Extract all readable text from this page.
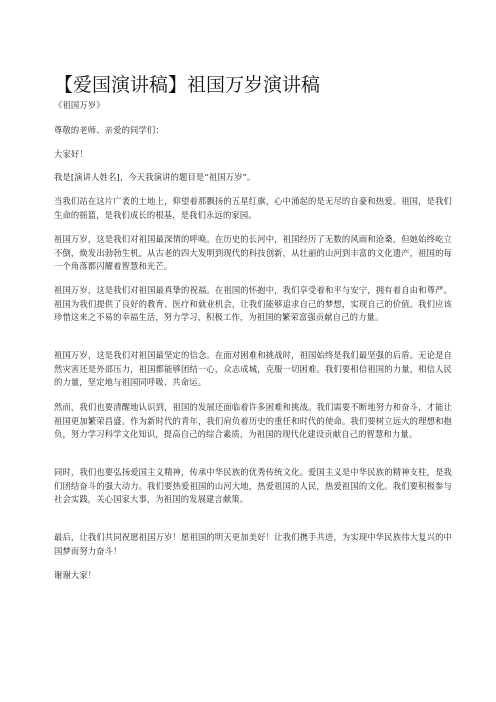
【爱国演讲稿】祖国万岁演讲稿

《祖国万岁》

尊敬的老师、亲爱的同学们：

大家好！

我是[演讲人姓名]，今天我演讲的题目是“祖国万岁”。

当我们站在这片广袤的土地上，仰望着那飘扬的五星红旗，心中涌起的是无尽的自豪和热爱。祖国，是我们生命的摇篮，是我们成长的根基，是我们永远的家园。

祖国万岁，这是我们对祖国最深情的呼唤。在历史的长河中，祖国经历了无数的风雨和沧桑，但她始终屹立不倒，焕发出勃勃生机。从古老的四大发明到现代的科技创新，从壮丽的山河到丰富的文化遗产，祖国的每一个角落都闪耀着智慧和光芒。

祖国万岁，这是我们对祖国最真挚的祝福。在祖国的怀抱中，我们享受着和平与安宁，拥有着自由和尊严。祖国为我们提供了良好的教育、医疗和就业机会，让我们能够追求自己的梦想，实现自己的价值。我们应该珍惜这来之不易的幸福生活，努力学习，积极工作，为祖国的繁荣富强贡献自己的力量。

祖国万岁，这是我们对祖国最坚定的信念。在面对困难和挑战时，祖国始终是我们最坚强的后盾。无论是自然灾害还是外部压力，祖国都能够团结一心，众志成城，克服一切困难。我们要相信祖国的力量，相信人民的力量，坚定地与祖国同呼吸、共命运。

然而，我们也要清醒地认识到，祖国的发展还面临着许多困难和挑战。我们需要不断地努力和奋斗，才能让祖国更加繁荣昌盛。作为新时代的青年，我们肩负着历史的重任和时代的使命。我们要树立远大的理想和抱负，努力学习科学文化知识，提高自己的综合素质，为祖国的现代化建设贡献自己的智慧和力量。

同时，我们也要弘扬爱国主义精神，传承中华民族的优秀传统文化。爱国主义是中华民族的精神支柱，是我们团结奋斗的强大动力。我们要热爱祖国的山河大地，热爱祖国的人民，热爱祖国的文化。我们要积极参与社会实践，关心国家大事，为祖国的发展建言献策。

最后，让我们共同祝愿祖国万岁！愿祖国的明天更加美好！让我们携手共进，为实现中华民族伟大复兴的中国梦而努力奋斗！

谢谢大家！
